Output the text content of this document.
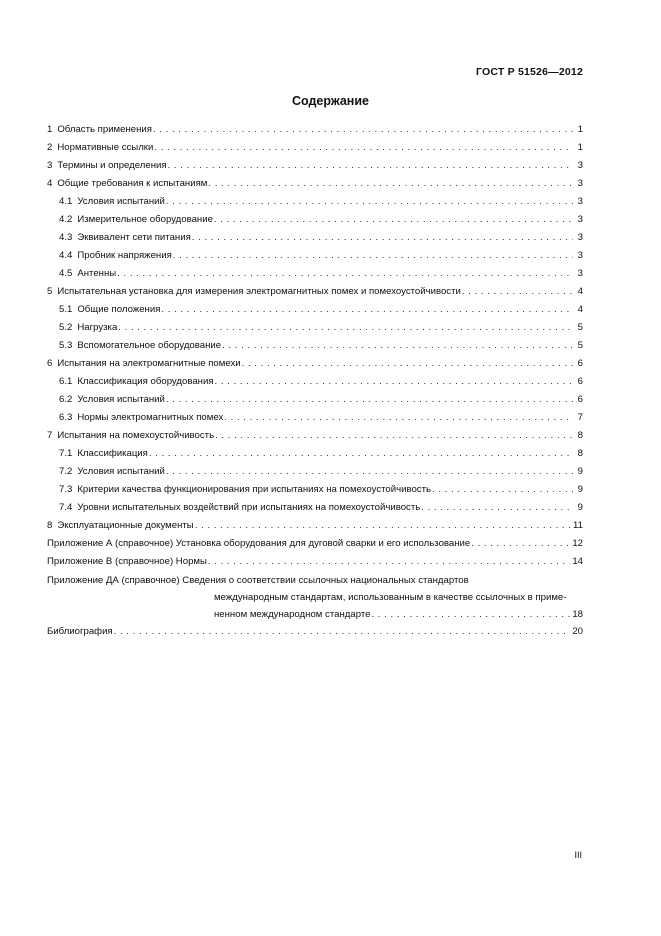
ГОСТ Р 51526—2012
Содержание
1 Область применения . . .	1
2 Нормативные ссылки . . .	1
3 Термины и определения . . .	3
4 Общие требования к испытаниям . . .	3
4.1 Условия испытаний . . .	3
4.2 Измерительное оборудование . . .	3
4.3 Эквивалент сети питания . . .	3
4.4 Пробник напряжения . . .	3
4.5 Антенны . . .	3
5 Испытательная установка для измерения электромагнитных помех и помехоустойчивости . . .	4
5.1 Общие положения . . .	4
5.2 Нагрузка . . .	5
5.3 Вспомогательное оборудование . . .	5
6 Испытания на электромагнитные помехи . . .	6
6.1 Классификация оборудования . . .	6
6.2 Условия испытаний . . .	6
6.3 Нормы электромагнитных помех . . .	7
7 Испытания на помехоустойчивость . . .	8
7.1 Классификация . . .	8
7.2 Условия испытаний . . .	9
7.3 Критерии качества функционирования при испытаниях на помехоустойчивость . . .	9
7.4 Уровни испытательных воздействий при испытаниях на помехоустойчивость . . .	9
8 Эксплуатационные документы . . .	11
Приложение А (справочное) Установка оборудования для дуговой сварки и его использование . . .	12
Приложение В (справочное) Нормы . . .	14
Приложение ДА (справочное) Сведения о соответствии ссылочных национальных стандартов
международным стандартам, использованным в качестве ссылочных в приме-
ненном международном стандарте . . .	18
Библиография . . .	20
III
